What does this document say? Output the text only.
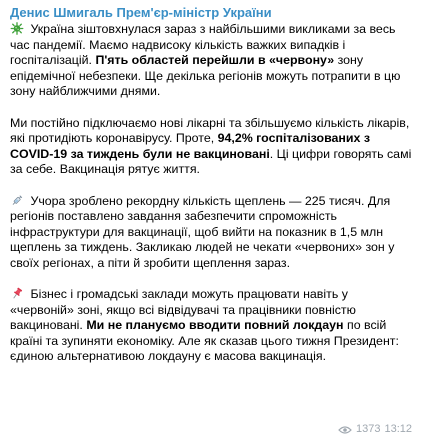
Денис Шмигаль Прем'єр-міністр України

Україна зіштовхнулася зараз з найбільшими викликами за весь час пандемії. Маємо надвисоку кількість важких випадків і госпіталізацій. П'ять областей перейшли в «червону» зону епідемічної небезпеки. Ще декілька регіонів можуть потрапити в цю зону найближчими днями.

Ми постійно підключаємо нові лікарні та збільшуємо кількість лікарів, які протидіють коронавірусу. Проте, 94,2% госпіталізованих з COVID-19 за тиждень були не вакциновані. Ці цифри говорять самі за себе. Вакцинація рятує життя.

Учора зроблено рекордну кількість щеплень — 225 тисяч. Для регіонів поставлено завдання забезпечити спроможність інфраструктури для вакцинації, щоб вийти на показник в 1,5 млн щеплень за тиждень. Закликаю людей не чекати «червоних» зон у своїх регіонах, а піти й зробити щеплення зараз.

Бізнес і громадські заклади можуть працювати навіть у «червоній» зоні, якщо всі відвідувачі та працівники повністю вакциновані. Ми не плануємо вводити повний локдаун по всій країні та зупиняти економіку. Але як сказав цього тижня Президент: єдиною альтернативою локдауну є масова вакцинація.

1373 13:12
